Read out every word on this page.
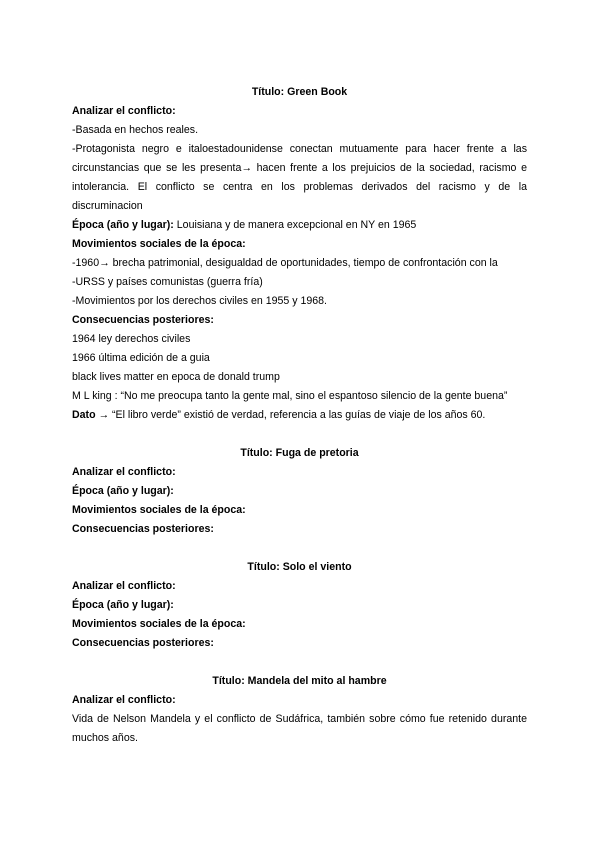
Título: Green Book

Analizar el conflicto:

-Basada en hechos reales.

-Protagonista negro e italoestadounidense conectan mutuamente para hacer frente a las circunstancias que se les presenta→ hacen frente a los prejuicios de la sociedad, racismo e intolerancia. El conflicto se centra en los problemas derivados del racismo y de la discruminacion

Época (año y lugar): Louisiana y de manera excepcional en NY en 1965

Movimientos sociales de la época:

-1960→ brecha patrimonial, desigualdad de oportunidades, tiempo de confrontación con la

-URSS y países comunistas (guerra fría)

-Movimientos por los derechos civiles en 1955 y 1968.

Consecuencias posteriores:

1964 ley derechos civiles

1966 última edición de a guia

black lives matter en epoca de donald trump

M L king : “No me preocupa tanto la gente mal, sino el espantoso silencio de la gente buena”

Dato → “El libro verde” existió de verdad, referencia a las guías de viaje de los años 60.

Título: Fuga de pretoria

Analizar el conflicto:

Época (año y lugar):

Movimientos sociales de la época:

Consecuencias posteriores:

Título: Solo el viento

Analizar el conflicto:

Época (año y lugar):

Movimientos sociales de la época:

Consecuencias posteriores:

Título: Mandela del mito al hambre

Analizar el conflicto:

Vida de Nelson Mandela y el conflicto de Sudáfrica, también sobre cómo fue retenido durante muchos años.
